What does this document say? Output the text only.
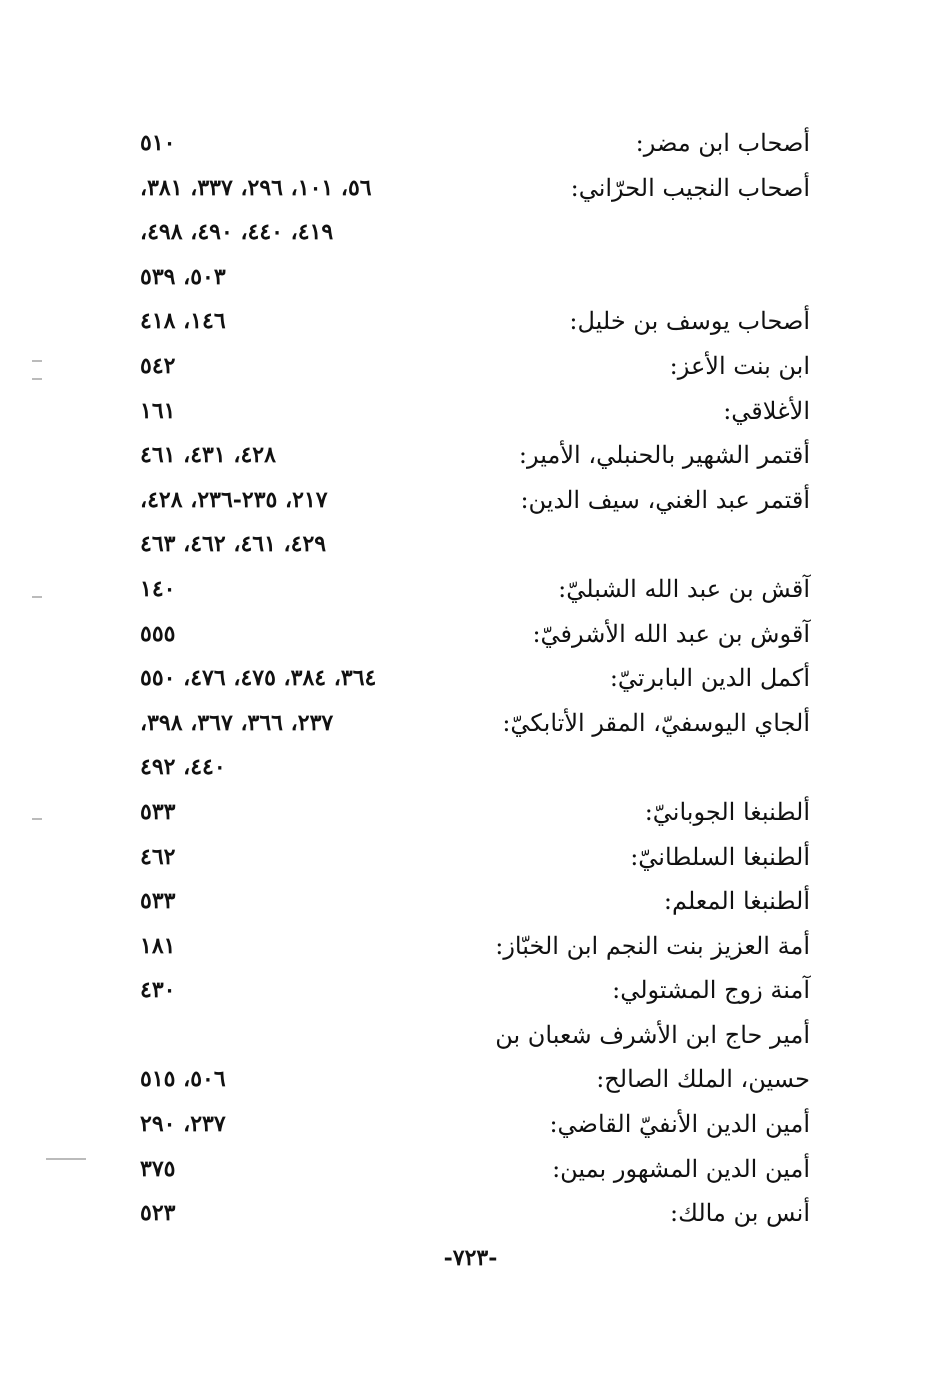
أصحاب ابن مضر:
٥١٠
أصحاب النجيب الحرّاني:
٥٦، ١٠١، ٢٩٦، ٣٣٧، ٣٨١،
٤١٩، ٤٤٠، ٤٩٠، ٤٩٨،
٥٠٣، ٥٣٩
أصحاب يوسف بن خليل:
١٤٦، ٤١٨
ابن بنت الأعز:
٥٤٢
الأغلاقي:
١٦١
أقتمر الشهير بالحنبلي، الأمير:
٤٢٨، ٤٣١، ٤٦١
أقتمر عبد الغني، سيف الدين:
٢١٧، ٢٣٥-٢٣٦، ٤٢٨،
٤٢٩، ٤٦١، ٤٦٢، ٤٦٣
آقش بن عبد الله الشبليّ:
١٤٠
آقوش بن عبد الله الأشرفيّ:
٥٥٥
أكمل الدين البابرتيّ:
٣٦٤، ٣٨٤، ٤٧٥، ٤٧٦، ٥٥٠
ألجاي اليوسفيّ، المقر الأتابكيّ:
٢٣٧، ٣٦٦، ٣٦٧، ٣٩٨،
٤٤٠، ٤٩٢
ألطنبغا الجوبانيّ:
٥٣٣
ألطنبغا السلطانيّ:
٤٦٢
ألطنبغا المعلم:
٥٣٣
أمة العزيز بنت النجم ابن الخبّاز:
١٨١
آمنة زوج المشتولي:
٤٣٠
أمير حاج ابن الأشرف شعبان بن
حسين، الملك الصالح:
٥٠٦، ٥١٥
أمين الدين الأنفيّ القاضي:
٢٣٧، ٢٩٠
أمين الدين المشهور بمين:
٣٧٥
أنس بن مالك:
٥٢٣
-٧٢٣-
